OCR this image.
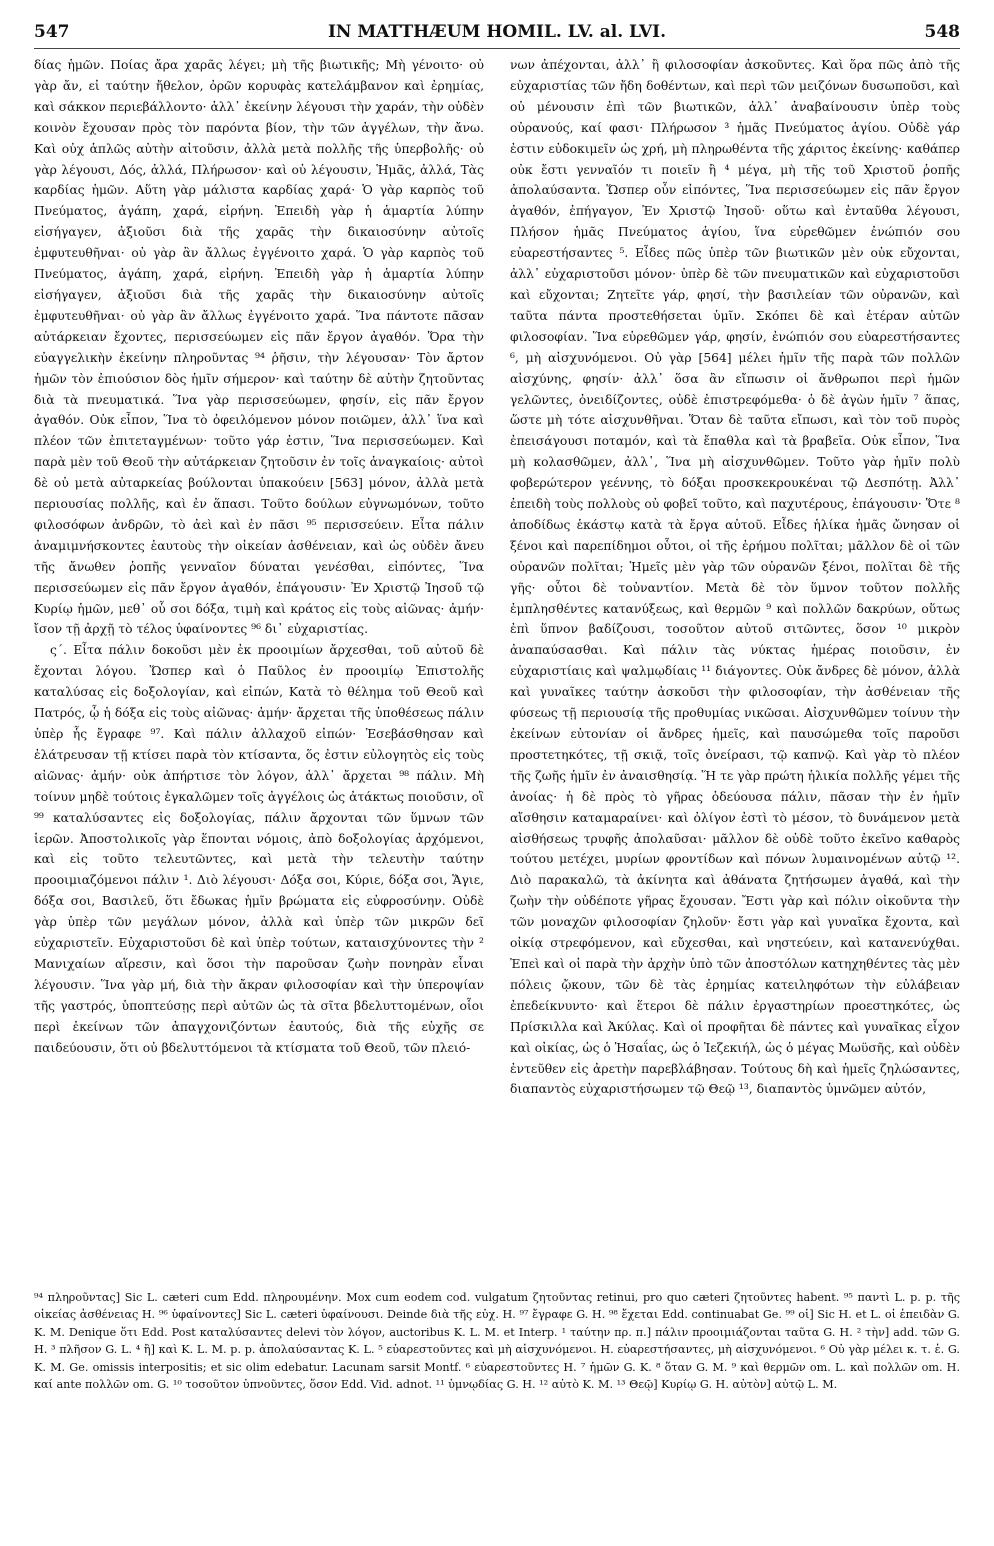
547	IN MATTHÆUM HOMIL. LV. al. LVI.	548

δίας ἡμῶν. Ποίας ἄρα χαρᾶς λέγει; μὴ τῆς βιωτικῆς; Μὴ γένοιτο· οὐ γὰρ ἄν, εἰ ταύτην ἤθελον, ὀρῶν κορυφὰς κατελάμβανον καὶ ἐρημίας, καὶ σάκκον περιεβάλλοντο· ἀλλ᾽ ἐκείνην λέγουσι τὴν χαράν, τὴν οὐδὲν κοινὸν ἔχουσαν πρὸς τὸν παρόντα βίον, τὴν τῶν ἀγγέλων, τὴν ἄνω. Καὶ οὐχ ἁπλῶς αὐτὴν αἰτοῦσιν, ἀλλὰ μετὰ πολλῆς τῆς ὑπερβολῆς· οὐ γὰρ λέγουσι, Δός, ἀλλά, Πλήρωσον· καὶ οὐ λέγουσιν, Ἡμᾶς, ἀλλά, Τὰς καρδίας ἡμῶν. Αὕτη γὰρ μάλιστα καρδίας χαρά· Ὁ γὰρ καρπὸς τοῦ Πνεύματος, ἀγάπη, χαρά, εἰρήνη. Ἐπειδὴ γὰρ ἡ ἁμαρτία λύπην εἰσήγαγεν, ἀξιοῦσι διὰ τῆς χαρᾶς τὴν δικαιοσύνην αὐτοῖς ἐμφυτευθῆναι· οὐ γὰρ ἂν ἄλλως ἐγγένοιτο χαρά. Ὁ γὰρ καρπὸς τοῦ Πνεύματος, ἀγάπη, χαρά, εἰρήνη. Ἐπειδὴ γὰρ ἡ ἁμαρτία λύπην εἰσήγαγεν, ἀξιοῦσι διὰ τῆς χαρᾶς τὴν δικαιοσύνην αὐτοῖς ἐμφυτευθῆναι· οὐ γὰρ ἂν ἄλλως ἐγγένοιτο χαρά. Ἵνα πάντοτε πᾶσαν αὐτάρκειαν ἔχοντες, περισσεύωμεν εἰς πᾶν ἔργον ἀγαθόν. Ὅρα τὴν εὐαγγελικὴν ἐκείνην πληροῦντας ⁹⁴ ῥῆσιν, τὴν λέγουσαν· Τὸν ἄρτον ἡμῶν τὸν ἐπιούσιον δὸς ἡμῖν σήμερον· καὶ ταύτην δὲ αὐτὴν ζητοῦντας διὰ τὰ πνευματικά. Ἵνα γὰρ περισσεύωμεν, φησίν, εἰς πᾶν ἔργον ἀγαθόν. Οὐκ εἶπον, Ἵνα τὸ ὀφειλόμενον μόνον ποιῶμεν, ἀλλ᾽ ἵνα καὶ πλέον τῶν ἐπιτεταγμένων· τοῦτο γάρ ἐστιν, Ἵνα περισσεύωμεν. Καὶ παρὰ μὲν τοῦ Θεοῦ τὴν αὐτάρκειαν ζητοῦσιν ἐν τοῖς ἀναγκαίοις· αὐτοὶ δὲ οὐ μετὰ αὐταρκείας βούλονται ὑπακούειν [563] μόνον, ἀλλὰ μετὰ περιουσίας πολλῆς, καὶ ἐν ἅπασι. Τοῦτο δούλων εὐγνωμόνων, τοῦτο φιλοσόφων ἀνδρῶν, τὸ ἀεὶ καὶ ἐν πᾶσι ⁹⁵ περισσεύειν. Εἶτα πάλιν ἀναμιμνήσκοντες ἑαυτοὺς τὴν οἰκείαν ἀσθένειαν, καὶ ὡς οὐδὲν ἄνευ τῆς ἄνωθεν ῥοπῆς γενναῖον δύναται γενέσθαι, εἰπόντες, Ἵνα περισσεύωμεν εἰς πᾶν ἔργον ἀγαθόν, ἐπάγουσιν· Ἐν Χριστῷ Ἰησοῦ τῷ Κυρίῳ ἡμῶν, μεθ᾽ οὗ σοι δόξα, τιμὴ καὶ κράτος εἰς τοὺς αἰῶνας· ἀμήν· ἴσον τῇ ἀρχῇ τὸ τέλος ὑφαίνοντες ⁹⁶ δι᾽ εὐχαριστίας.

ς΄. Εἶτα πάλιν δοκοῦσι μὲν ἐκ προοιμίων ἄρχεσθαι, τοῦ αὐτοῦ δὲ ἔχονται λόγου. Ὥσπερ καὶ ὁ Παῦλος ἐν προοιμίῳ Ἐπιστολῆς καταλύσας εἰς δοξολογίαν, καὶ εἰπών, Κατὰ τὸ θέλημα τοῦ Θεοῦ καὶ Πατρός, ᾧ ἡ δόξα εἰς τοὺς αἰῶνας· ἀμήν· ἄρχεται τῆς ὑποθέσεως πάλιν ὑπὲρ ἧς ἔγραφε ⁹⁷. Καὶ πάλιν ἀλλαχοῦ εἰπών· Ἐσεβάσθησαν καὶ ἐλάτρευσαν τῇ κτίσει παρὰ τὸν κτίσαντα, ὅς ἐστιν εὐλογητὸς εἰς τοὺς αἰῶνας· ἀμήν· οὐκ ἀπήρτισε τὸν λόγον, ἀλλ᾽ ἄρχεται ⁹⁸ πάλιν. Μὴ τοίνυν μηδὲ τούτοις ἐγκαλῶμεν τοῖς ἀγγέλοις ὡς ἀτάκτως ποιοῦσιν, οἳ ⁹⁹ καταλύσαντες εἰς δοξολογίας, πάλιν ἄρχονται τῶν ὕμνων τῶν ἱερῶν. Ἀποστολικοῖς γὰρ ἕπονται νόμοις, ἀπὸ δοξολογίας ἀρχόμενοι, καὶ εἰς τοῦτο τελευτῶντες, καὶ μετὰ τὴν τελευτὴν ταύτην προοιμιαζόμενοι πάλιν ¹. Διὸ λέγουσι· Δόξα σοι, Κύριε, δόξα σοι, Ἅγιε, δόξα σοι, Βασιλεῦ, ὅτι ἔδωκας ἡμῖν βρώματα εἰς εὐφροσύνην. Οὐδὲ γὰρ ὑπὲρ τῶν μεγάλων μόνον, ἀλλὰ καὶ ὑπὲρ τῶν μικρῶν δεῖ εὐχαριστεῖν. Εὐχαριστοῦσι δὲ καὶ ὑπὲρ τούτων, καταισχύνοντες τὴν ² Μανιχαίων αἵρεσιν, καὶ ὅσοι τὴν παροῦσαν ζωὴν πονηρὰν εἶναι λέγουσιν. Ἵνα γὰρ μή, διὰ τὴν ἄκραν φιλοσοφίαν καὶ τὴν ὑπεροψίαν τῆς γαστρός, ὑποπτεύσῃς περὶ αὐτῶν ὡς τὰ σῖτα βδελυττομένων, οἷοι περὶ ἐκείνων τῶν ἀπαγχονιζόντων ἑαυτούς, διὰ τῆς εὐχῆς σε παιδεύουσιν, ὅτι οὐ βδελυττόμενοι τὰ κτίσματα τοῦ Θεοῦ, τῶν πλειό-

νων ἀπέχονται, ἀλλ᾽ ἢ φιλοσοφίαν ἀσκοῦντες. Καὶ ὅρα πῶς ἀπὸ τῆς εὐχαριστίας τῶν ἤδη δοθέντων, καὶ περὶ τῶν μειζόνων δυσωποῦσι, καὶ οὐ μένουσιν ἐπὶ τῶν βιωτικῶν, ἀλλ᾽ ἀναβαίνουσιν ὑπὲρ τοὺς οὐρανούς, καί φασι· Πλήρωσον ³ ἡμᾶς Πνεύματος ἁγίου. Οὐδὲ γάρ ἐστιν εὐδοκιμεῖν ὡς χρή, μὴ πληρωθέντα τῆς χάριτος ἐκείνης· καθάπερ οὐκ ἔστι γενναῖόν τι ποιεῖν ἢ ⁴ μέγα, μὴ τῆς τοῦ Χριστοῦ ῥοπῆς ἀπολαύσαντα. Ὥσπερ οὖν εἰπόντες, Ἵνα περισσεύωμεν εἰς πᾶν ἔργον ἀγαθόν, ἐπήγαγον, Ἐν Χριστῷ Ἰησοῦ· οὕτω καὶ ἐνταῦθα λέγουσι, Πλήσον ἡμᾶς Πνεύματος ἁγίου, ἵνα εὑρεθῶμεν ἐνώπιόν σου εὐαρεστήσαντες ⁵. Εἶδες πῶς ὑπὲρ τῶν βιωτικῶν μὲν οὐκ εὔχονται, ἀλλ᾽ εὐχαριστοῦσι μόνον· ὑπὲρ δὲ τῶν πνευματικῶν καὶ εὐχαριστοῦσι καὶ εὔχονται; Ζητεῖτε γάρ, φησί, τὴν βασιλείαν τῶν οὐρανῶν, καὶ ταῦτα πάντα προστεθήσεται ὑμῖν. Σκόπει δὲ καὶ ἑτέραν αὐτῶν φιλοσοφίαν. Ἵνα εὑρεθῶμεν γάρ, φησίν, ἐνώπιόν σου εὐαρεστήσαντες ⁶, μὴ αἰσχυνόμενοι. Οὐ γὰρ [564] μέλει ἡμῖν τῆς παρὰ τῶν πολλῶν αἰσχύνης, φησίν· ἀλλ᾽ ὅσα ἂν εἴπωσιν οἱ ἄνθρωποι περὶ ἡμῶν γελῶντες, ὀνειδίζοντες, οὐδὲ ἐπιστρεφόμεθα· ὁ δὲ ἀγὼν ἡμῖν ⁷ ἅπας, ὥστε μὴ τότε αἰσχυνθῆναι. Ὅταν δὲ ταῦτα εἴπωσι, καὶ τὸν τοῦ πυρὸς ἐπεισάγουσι ποταμόν, καὶ τὰ ἔπαθλα καὶ τὰ βραβεῖα. Οὐκ εἶπον, Ἵνα μὴ κολασθῶμεν, ἀλλ᾽, Ἵνα μὴ αἰσχυνθῶμεν. Τοῦτο γὰρ ἡμῖν πολὺ φοβερώτερον γεέννης, τὸ δόξαι προσκεκρουκέναι τῷ Δεσπότῃ. Ἀλλ᾽ ἐπειδὴ τοὺς πολλοὺς οὐ φοβεῖ τοῦτο, καὶ παχυτέρους, ἐπάγουσιν· Ὅτε ⁸ ἀποδίδως ἑκάστῳ κατὰ τὰ ἔργα αὐτοῦ. Εἶδες ἡλίκα ἡμᾶς ὤνησαν οἱ ξένοι καὶ παρεπίδημοι οὗτοι, οἱ τῆς ἐρήμου πολῖται; μᾶλλον δὲ οἱ τῶν οὐρανῶν πολῖται; Ἡμεῖς μὲν γὰρ τῶν οὐρανῶν ξένοι, πολῖται δὲ τῆς γῆς· οὗτοι δὲ τοὐναντίον. Μετὰ δὲ τὸν ὕμνον τοῦτον πολλῆς ἐμπλησθέντες κατανύξεως, καὶ θερμῶν ⁹ καὶ πολλῶν δακρύων, οὕτως ἐπὶ ὕπνον βαδίζουσι, τοσοῦτον αὐτοῦ σιτῶντες, ὅσον ¹⁰ μικρὸν ἀναπαύσασθαι. Καὶ πάλιν τὰς νύκτας ἡμέρας ποιοῦσιν, ἐν εὐχαριστίαις καὶ ψαλμῳδίαις ¹¹ διάγοντες. Οὐκ ἄνδρες δὲ μόνον, ἀλλὰ καὶ γυναῖκες ταύτην ἀσκοῦσι τὴν φιλοσοφίαν, τὴν ἀσθένειαν τῆς φύσεως τῇ περιουσίᾳ τῆς προθυμίας νικῶσαι. Αἰσχυνθῶμεν τοίνυν τὴν ἐκείνων εὐτονίαν οἱ ἄνδρες ἡμεῖς, καὶ παυσώμεθα τοῖς παροῦσι προστετηκότες, τῇ σκιᾷ, τοῖς ὀνείρασι, τῷ καπνῷ. Καὶ γὰρ τὸ πλέον τῆς ζωῆς ἡμῖν ἐν ἀναισθησίᾳ. Ἥ τε γὰρ πρώτη ἡλικία πολλῆς γέμει τῆς ἀνοίας· ἡ δὲ πρὸς τὸ γῆρας ὁδεύουσα πάλιν, πᾶσαν τὴν ἐν ἡμῖν αἴσθησιν καταμαραίνει· καὶ ὀλίγον ἐστὶ τὸ μέσον, τὸ δυνάμενον μετὰ αἰσθήσεως τρυφῆς ἀπολαῦσαι· μᾶλλον δὲ οὐδὲ τοῦτο ἐκεῖνο καθαρὸς τούτου μετέχει, μυρίων φροντίδων καὶ πόνων λυμαινομένων αὐτῷ ¹². Διὸ παρακαλῶ, τὰ ἀκίνητα καὶ ἀθάνατα ζητήσωμεν ἀγαθά, καὶ τὴν ζωὴν τὴν οὐδέποτε γῆρας ἔχουσαν. Ἔστι γὰρ καὶ πόλιν οἰκοῦντα τὴν τῶν μοναχῶν φιλοσοφίαν ζηλοῦν· ἔστι γὰρ καὶ γυναῖκα ἔχοντα, καὶ οἰκίᾳ στρεφόμενον, καὶ εὔχεσθαι, καὶ νηστεύειν, καὶ κατανενύχθαι. Ἐπεὶ καὶ οἱ παρὰ τὴν ἀρχὴν ὑπὸ τῶν ἀποστόλων κατηχηθέντες τὰς μὲν πόλεις ᾤκουν, τῶν δὲ τὰς ἐρημίας κατειληφότων τὴν εὐλάβειαν ἐπεδείκνυντο· καὶ ἕτεροι δὲ πάλιν ἐργαστηρίων προεστηκότες, ὡς Πρίσκιλλα καὶ Ἀκύλας. Καὶ οἱ προφῆται δὲ πάντες καὶ γυναῖκας εἶχον καὶ οἰκίας, ὡς ὁ Ἡσαΐας, ὡς ὁ Ἰεζεκιήλ, ὡς ὁ μέγας Μωϋσῆς, καὶ οὐδὲν ἐντεῦθεν εἰς ἀρετὴν παρεβλάβησαν. Τούτους δὴ καὶ ἡμεῖς ζηλώσαντες, διαπαντὸς εὐχαριστήσωμεν τῷ Θεῷ ¹³, διαπαντὸς ὑμνῶμεν αὐτόν,

⁹⁴ πληροῦντας] Sic L. cæteri cum Edd. πληρουμένην. Mox cum eodem cod. vulgatum ζητοῦντας retinui, pro quo cæteri ζητοῦντες habent. ⁹⁵ παντὶ L. p. p. τῆς οἰκείας ἀσθένειας H. ⁹⁶ ὑφαίνοντες] Sic L. cæteri ὑφαίνουσι. Deinde διὰ τῆς εὐχ. H. ⁹⁷ ἔγραφε G. H. ⁹⁸ ἔχεται Edd. continuabat Ge. ⁹⁹ οἱ] Sic H. et L. οἱ ἐπειδὰν G. K. M. Denique ὅτι Edd. Post καταλύσαντες delevi τὸν λόγον, auctoribus K. L. M. et Interp. ¹ ταύτην πρ. π.] πάλιν προοιμιάζονται ταῦτα G. H. ² τὴν] add. τῶν G. H. ³ πλῆσον G. L. ⁴ ἢ] καὶ K. L. M. p. p. ἀπολαύσαντας K. L. ⁵ εὐαρεστοῦντες καὶ μὴ αἰσχυνόμενοι. H. εὐαρεστήσαντες, μὴ αἰσχυνόμενοι. ⁶ Οὐ γὰρ μέλει κ. τ. ἑ. G. K. M. Ge. omissis interpositis; et sic olim edebatur. Lacunam sarsit Montf. ⁶ εὐαρεστοῦντες H. ⁷ ἡμῶν G. K. ⁸ ὅταν G. M. ⁹ καὶ θερμῶν om. L. καὶ πολλῶν om. H. καί ante πολλῶν om. G. ¹⁰ τοσοῦτον ὑπνοῦντες, ὅσον Edd. Vid. adnot. ¹¹ ὑμνῳδίας G. H. ¹² αὐτὸ K. M. ¹³ Θεῷ] Κυρίῳ G. H. αὐτὸν] αὐτῷ L. M.
